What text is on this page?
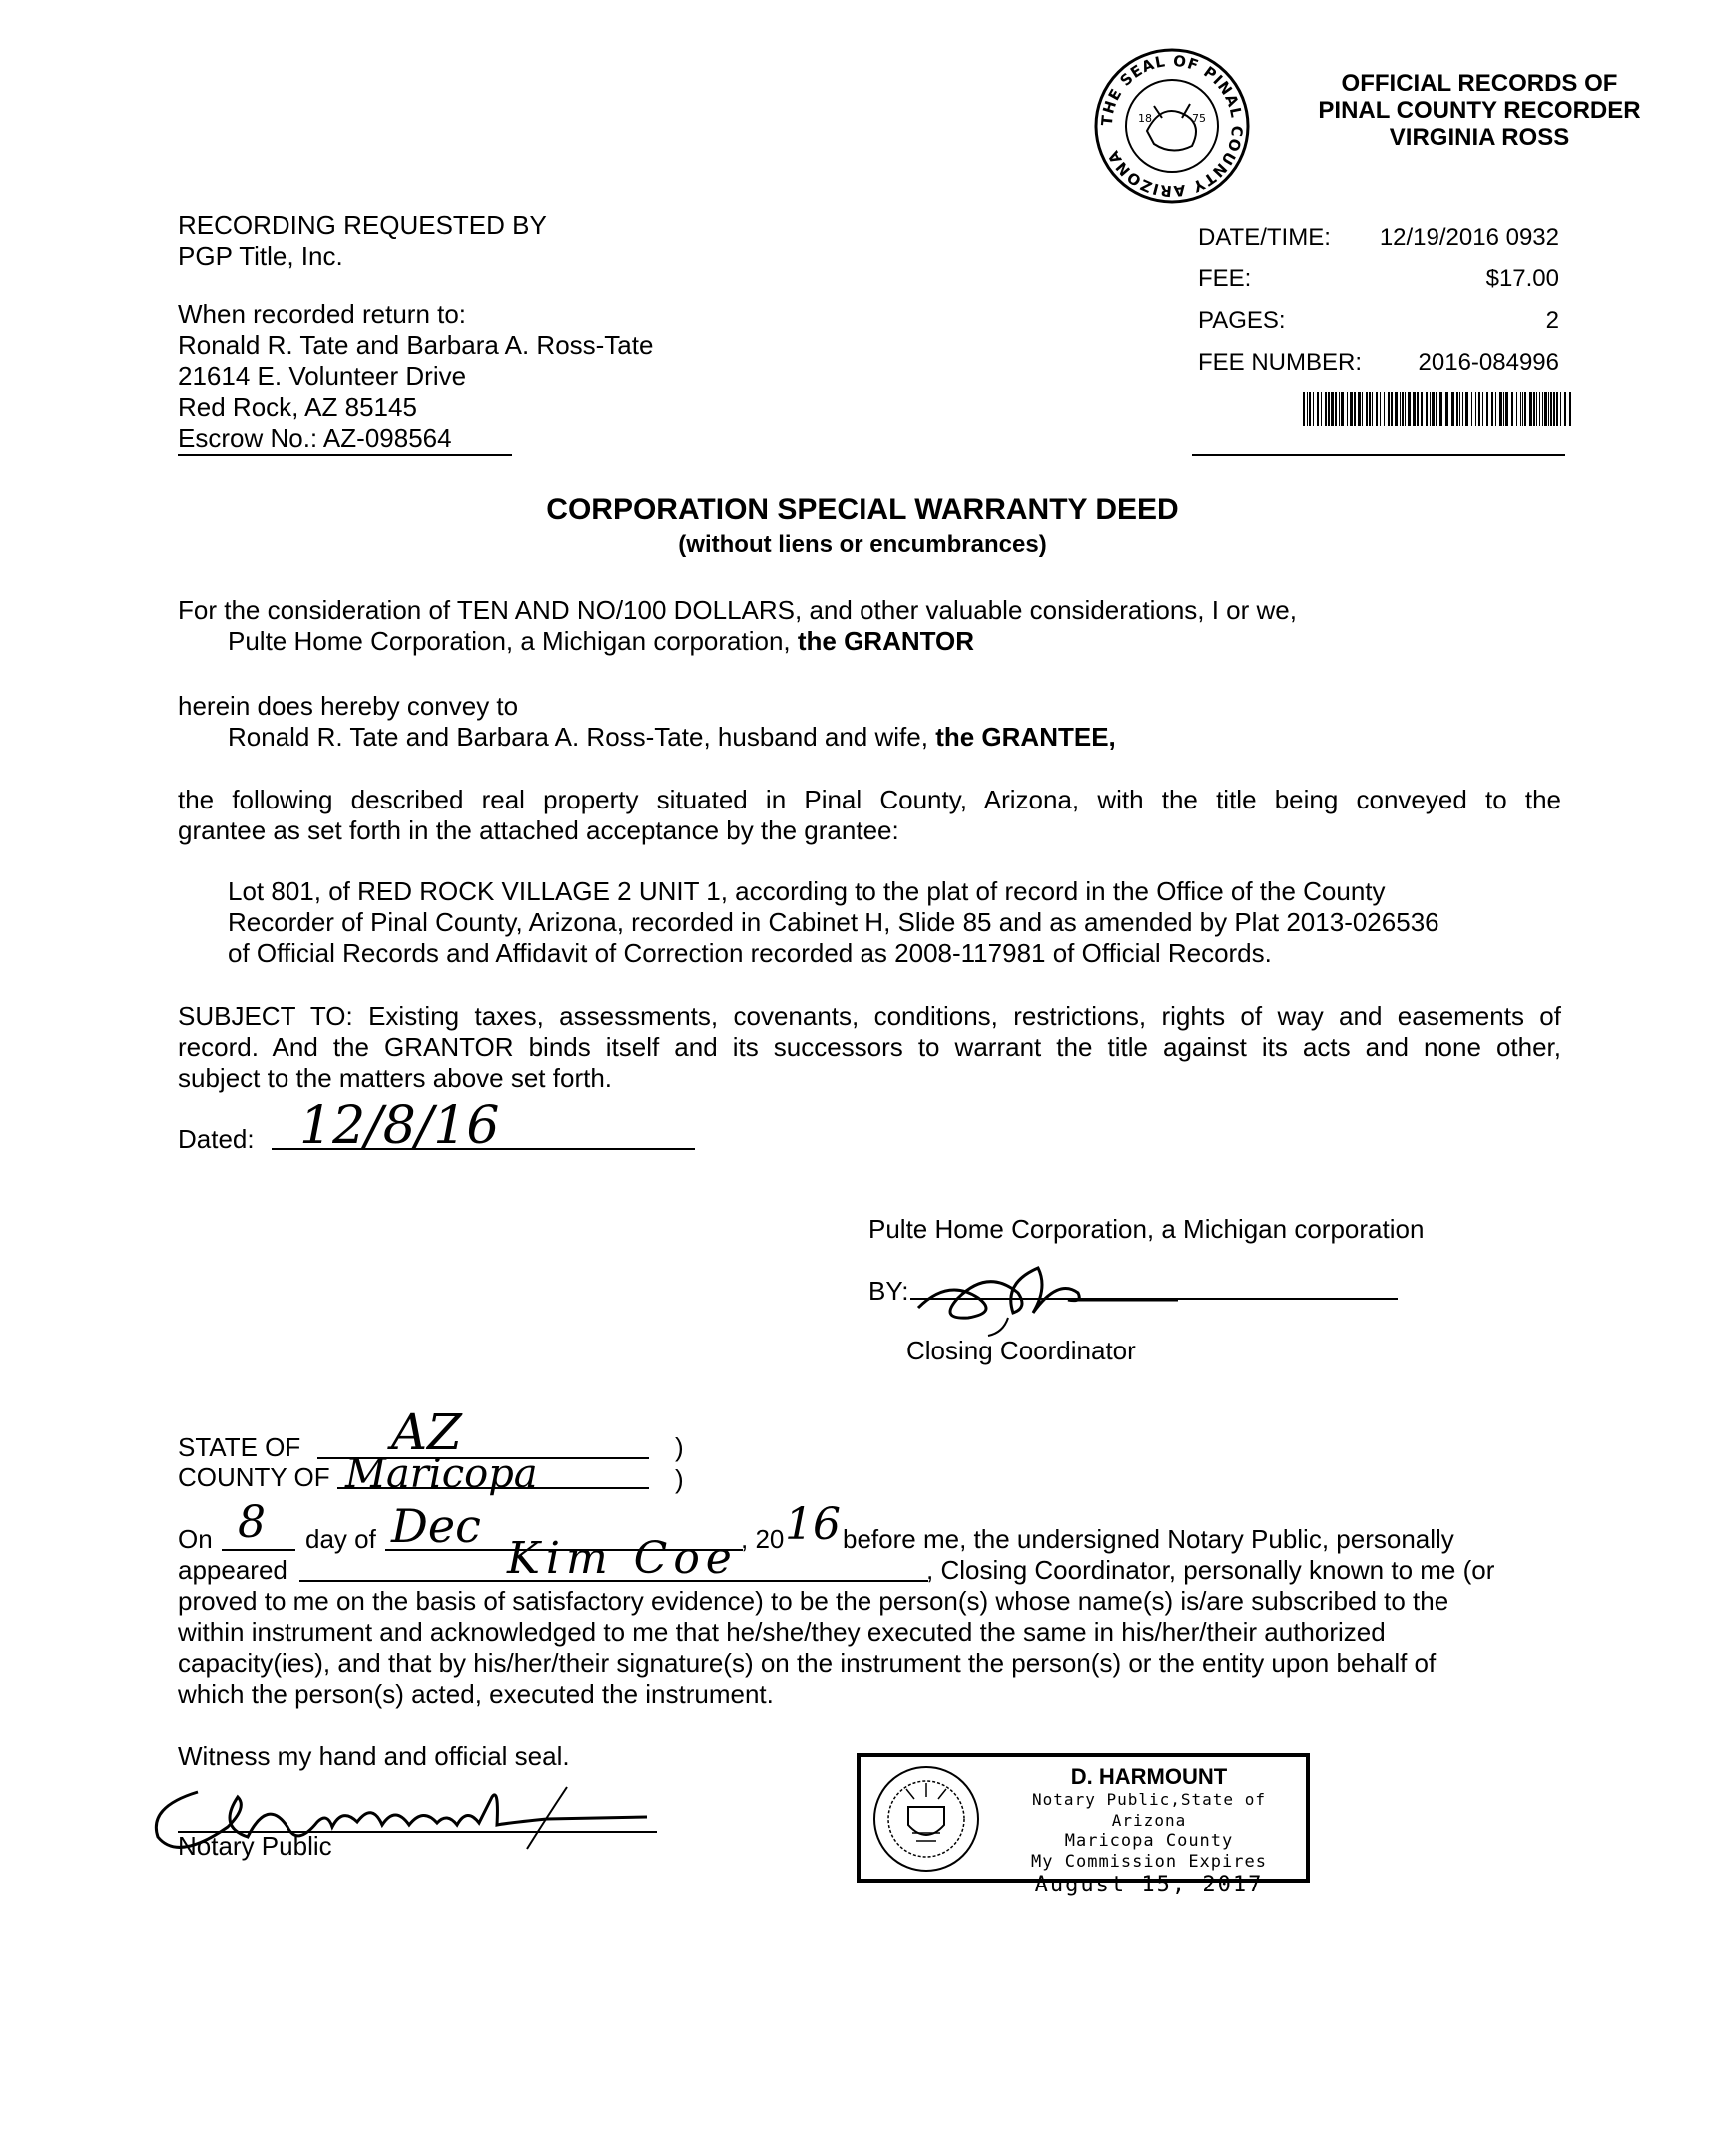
18	75
THE SEAL OF PINAL COUNTY ARIZONA
OFFICIAL RECORDS OF
PINAL COUNTY RECORDER
VIRGINIA ROSS
DATE/TIME: 12/19/2016 0932
FEE:	$17.00
PAGES:	2
FEE NUMBER: 2016-084996
RECORDING REQUESTED BY
PGP Title, Inc.
When recorded return to:
Ronald R. Tate and Barbara A. Ross-Tate
21614 E. Volunteer Drive
Red Rock, AZ 85145
Escrow No.: AZ-098564
CORPORATION SPECIAL WARRANTY DEED
(without liens or encumbrances)
For the consideration of TEN AND NO/100 DOLLARS, and other valuable considerations, I or we,
Pulte Home Corporation, a Michigan corporation, the GRANTOR
herein does hereby convey to
Ronald R. Tate and Barbara A. Ross-Tate, husband and wife, the GRANTEE,
the following described real property situated in Pinal County, Arizona, with the title being conveyed to the
grantee as set forth in the attached acceptance by the grantee:
Lot 801, of RED ROCK VILLAGE 2 UNIT 1, according to the plat of record in the Office of the County
Recorder of Pinal County, Arizona, recorded in Cabinet H, Slide 85 and as amended by Plat 2013-026536
of Official Records and Affidavit of Correction recorded as 2008-117981 of Official Records.
SUBJECT TO: Existing taxes, assessments, covenants, conditions, restrictions, rights of way and easements of
record. And the GRANTOR binds itself and its successors to warrant the title against its acts and none other,
subject to the matters above set forth.
Dated: 12/8/16
Pulte Home Corporation, a Michigan corporation
BY:
Closing Coordinator
STATE OF AZ	)
COUNTY OF Maricopa	)
On 8 day of Dec	, 20 16 before me, the undersigned Notary Public, personally
appeared	Kim Coe	, Closing Coordinator, personally known to me (or
proved to me on the basis of satisfactory evidence) to be the person(s) whose name(s) is/are subscribed to the
within instrument and acknowledged to me that he/she/they executed the same in his/her/their authorized
capacity(ies), and that by his/her/their signature(s) on the instrument the person(s) or the entity upon behalf of
which the person(s) acted, executed the instrument.
Witness my hand and official seal.
Notary Public
D. HARMOUNT
Notary Public,State of Arizona
Maricopa County
My Commission Expires
August 15, 2017
